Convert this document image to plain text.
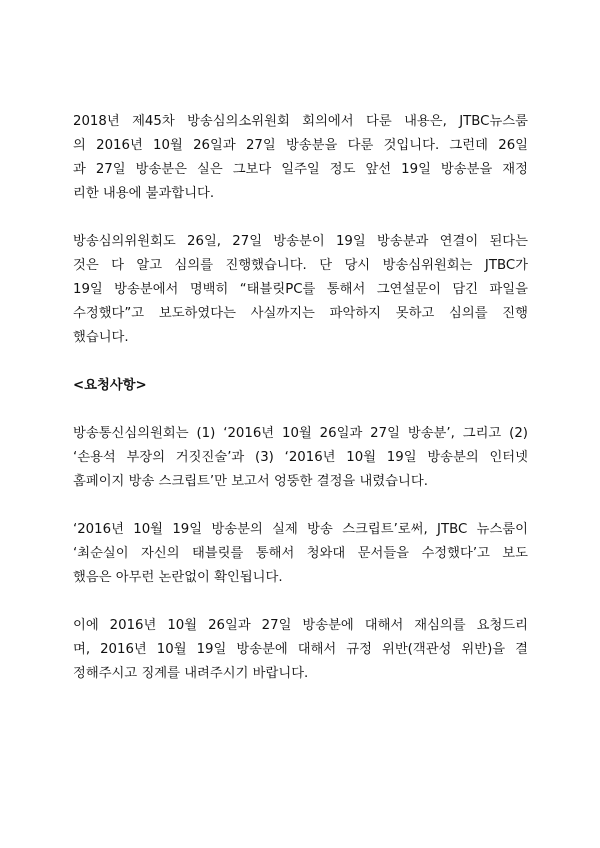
2018년 제45차 방송심의소위원회 회의에서 다룬 내용은, JTBC뉴스룸
의 2016년 10월 26일과 27일 방송분을 다룬 것입니다. 그런데 26일
과 27일 방송분은 실은 그보다 일주일 정도 앞선 19일 방송분을 재정
리한 내용에 불과합니다.

방송심의위원회도 26일, 27일 방송분이 19일 방송분과 연결이 된다는
것은 다 알고 심의를 진행했습니다. 단 당시 방송심위원회는 JTBC가
19일 방송분에서 명백히 “태블릿PC를 통해서 그연설문이 담긴 파일을
수정했다”고 보도하였다는 사실까지는 파악하지 못하고 심의를 진행
했습니다.

<요청사항>

방송통신심의원회는 (1) ‘2016년 10월 26일과 27일 방송분’, 그리고 (2)
‘손용석 부장의 거짓진술’과 (3) ‘2016년 10월 19일 방송분의 인터넷
홈페이지 방송 스크립트’만 보고서 엉뚱한 결정을 내렸습니다.

‘2016년 10월 19일 방송분의 실제 방송 스크립트’로써, JTBC 뉴스룸이
‘최순실이 자신의 태블릿를 통해서 청와대 문서들을 수정했다’고 보도
했음은 아무런 논란없이 확인됩니다.

이에 2016년 10월 26일과 27일 방송분에 대해서 재심의를 요청드리
며, 2016년 10월 19일 방송분에 대해서 규정 위반(객관성 위반)을 결
정해주시고 징계를 내려주시기 바랍니다.
